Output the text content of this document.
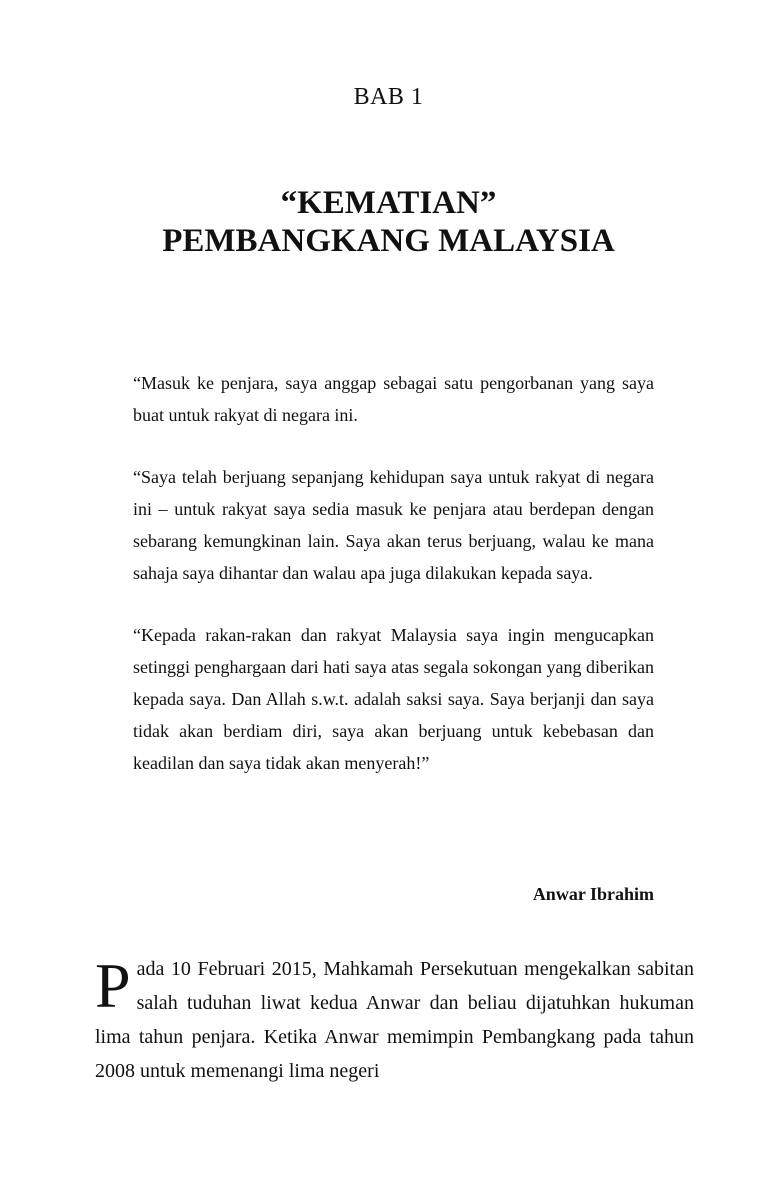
BAB 1
“KEMATIAN”
PEMBANGKANG MALAYSIA

“Masuk ke penjara, saya anggap sebagai satu pengorbanan yang saya buat untuk rakyat di negara ini.

“Saya telah berjuang sepanjang kehidupan saya untuk rakyat di negara ini – untuk rakyat saya sedia masuk ke penjara atau berdepan dengan sebarang kemungkinan lain. Saya akan terus berjuang, walau ke mana sahaja saya dihantar dan walau apa juga dilakukan kepada saya.

“Kepada rakan-rakan dan rakyat Malaysia saya ingin mengucapkan setinggi penghargaan dari hati saya atas segala sokongan yang diberikan kepada saya. Dan Allah s.w.t. adalah saksi saya. Saya berjanji dan saya tidak akan berdiam diri, saya akan berjuang untuk kebebasan dan keadilan dan saya tidak akan menyerah!”

Anwar Ibrahim
P ada 10 Februari 2015, Mahkamah Persekutuan mengekalkan sabitan salah tuduhan liwat kedua Anwar dan beliau dijatuhkan hukuman lima tahun penjara. Ketika Anwar memimpin Pembangkang pada tahun 2008 untuk memenangi lima negeri
